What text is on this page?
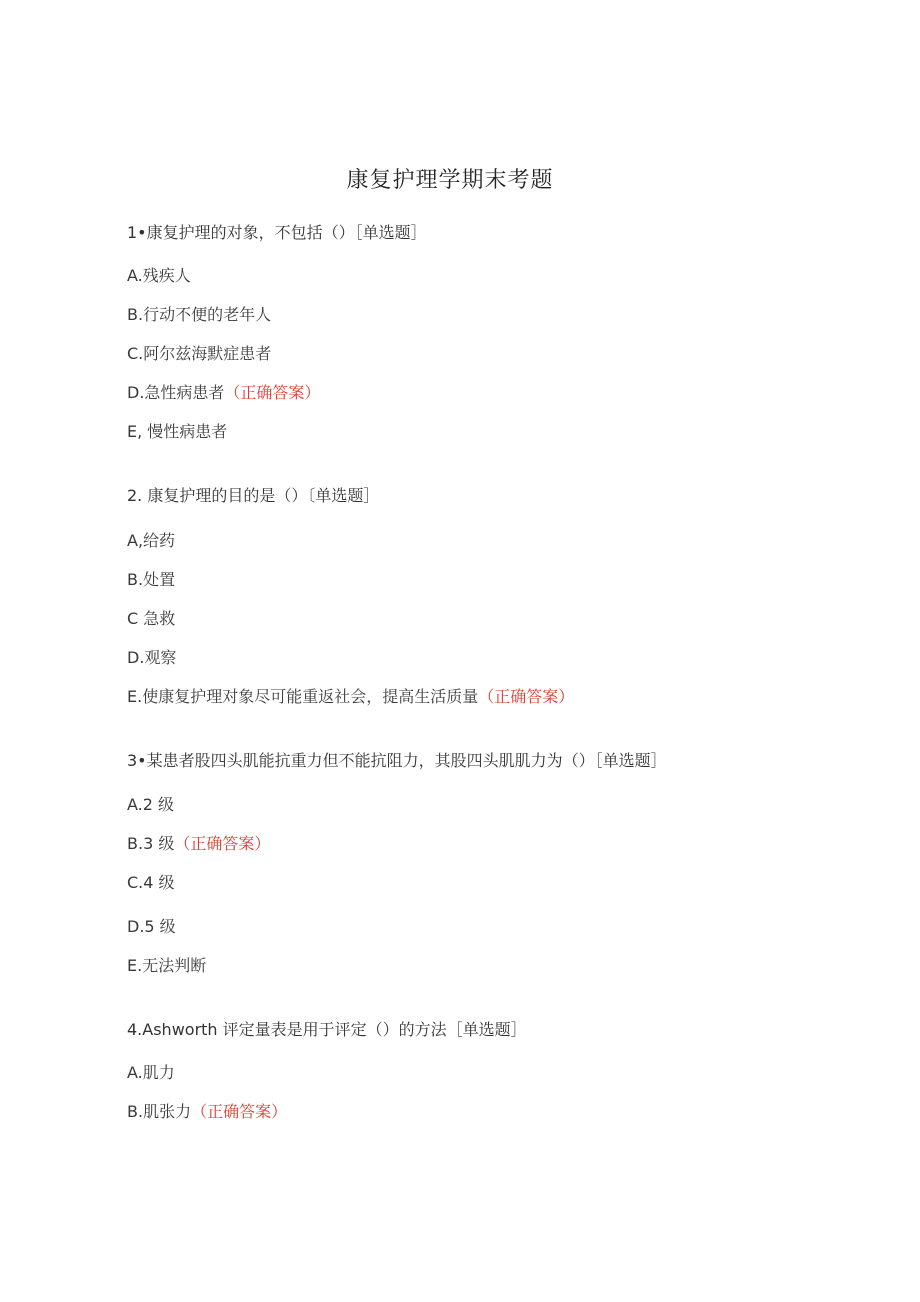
康复护理学期末考题
1•康复护理的对象，不包括（）［单选题］
A.残疾人
B.行动不便的老年人
C.阿尔兹海默症患者
D.急性病患者（正确答案）
E, 慢性病患者
2. 康复护理的目的是（）〔单选题］
A,给药
B.处置
C 急救
D.观察
E.使康复护理对象尽可能重返社会，提高生活质量（正确答案）
3•某患者股四头肌能抗重力但不能抗阻力，其股四头肌肌力为（）［单选题］
A.2 级
B.3 级（正确答案）
C.4 级
D.5 级
E.无法判断
4.Ashworth 评定量表是用于评定（）的方法［单选题］
A.肌力
B.肌张力（正确答案）
